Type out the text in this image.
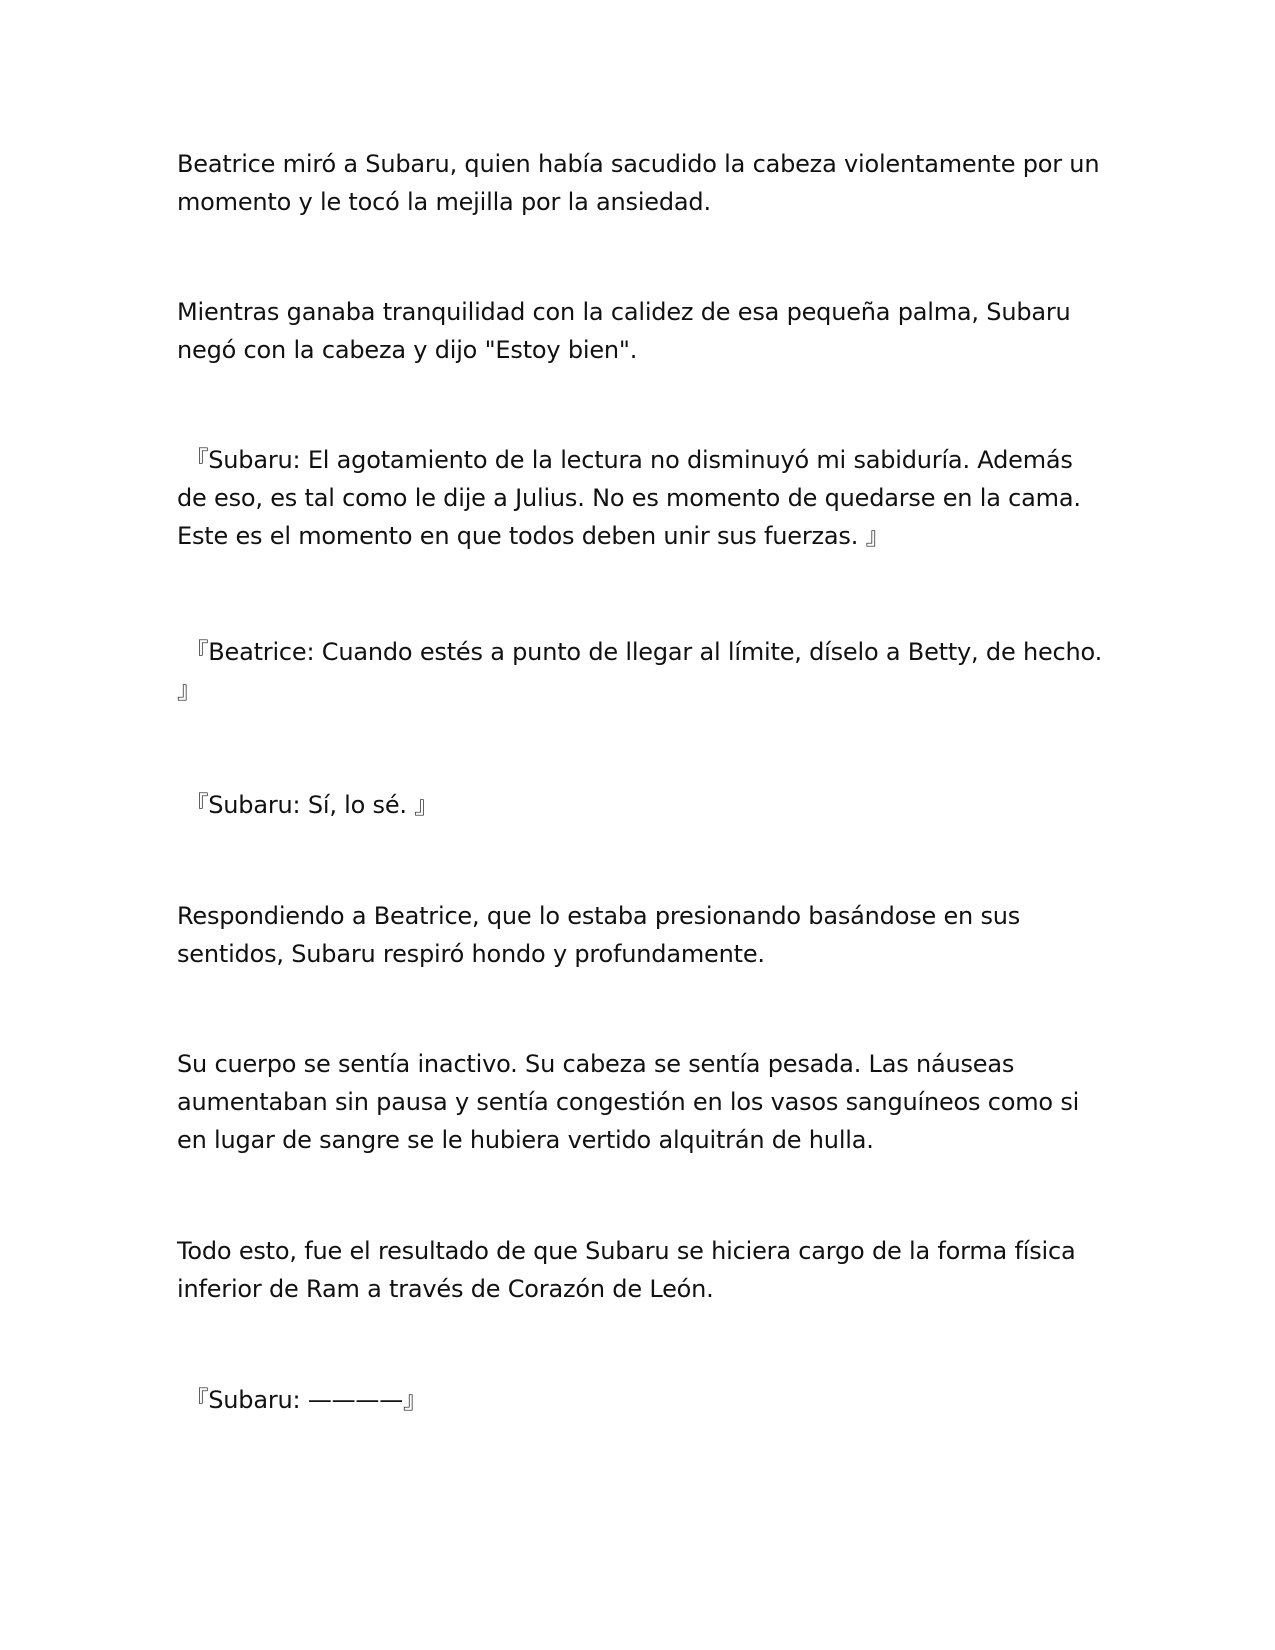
Beatrice miró a Subaru, quien había sacudido la cabeza violentamente por un momento y le tocó la mejilla por la ansiedad.

Mientras ganaba tranquilidad con la calidez de esa pequeña palma, Subaru negó con la cabeza y dijo "Estoy bien".

『Subaru: El agotamiento de la lectura no disminuyó mi sabiduría. Además de eso, es tal como le dije a Julius. No es momento de quedarse en la cama. Este es el momento en que todos deben unir sus fuerzas. 』

『Beatrice: Cuando estés a punto de llegar al límite, díselo a Betty, de hecho. 』

『Subaru: Sí, lo sé. 』

Respondiendo a Beatrice, que lo estaba presionando basándose en sus sentidos, Subaru respiró hondo y profundamente.

Su cuerpo se sentía inactivo. Su cabeza se sentía pesada. Las náuseas aumentaban sin pausa y sentía congestión en los vasos sanguíneos como si en lugar de sangre se le hubiera vertido alquitrán de hulla.

Todo esto, fue el resultado de que Subaru se hiciera cargo de la forma física inferior de Ram a través de Corazón de León.

『Subaru: ————』
